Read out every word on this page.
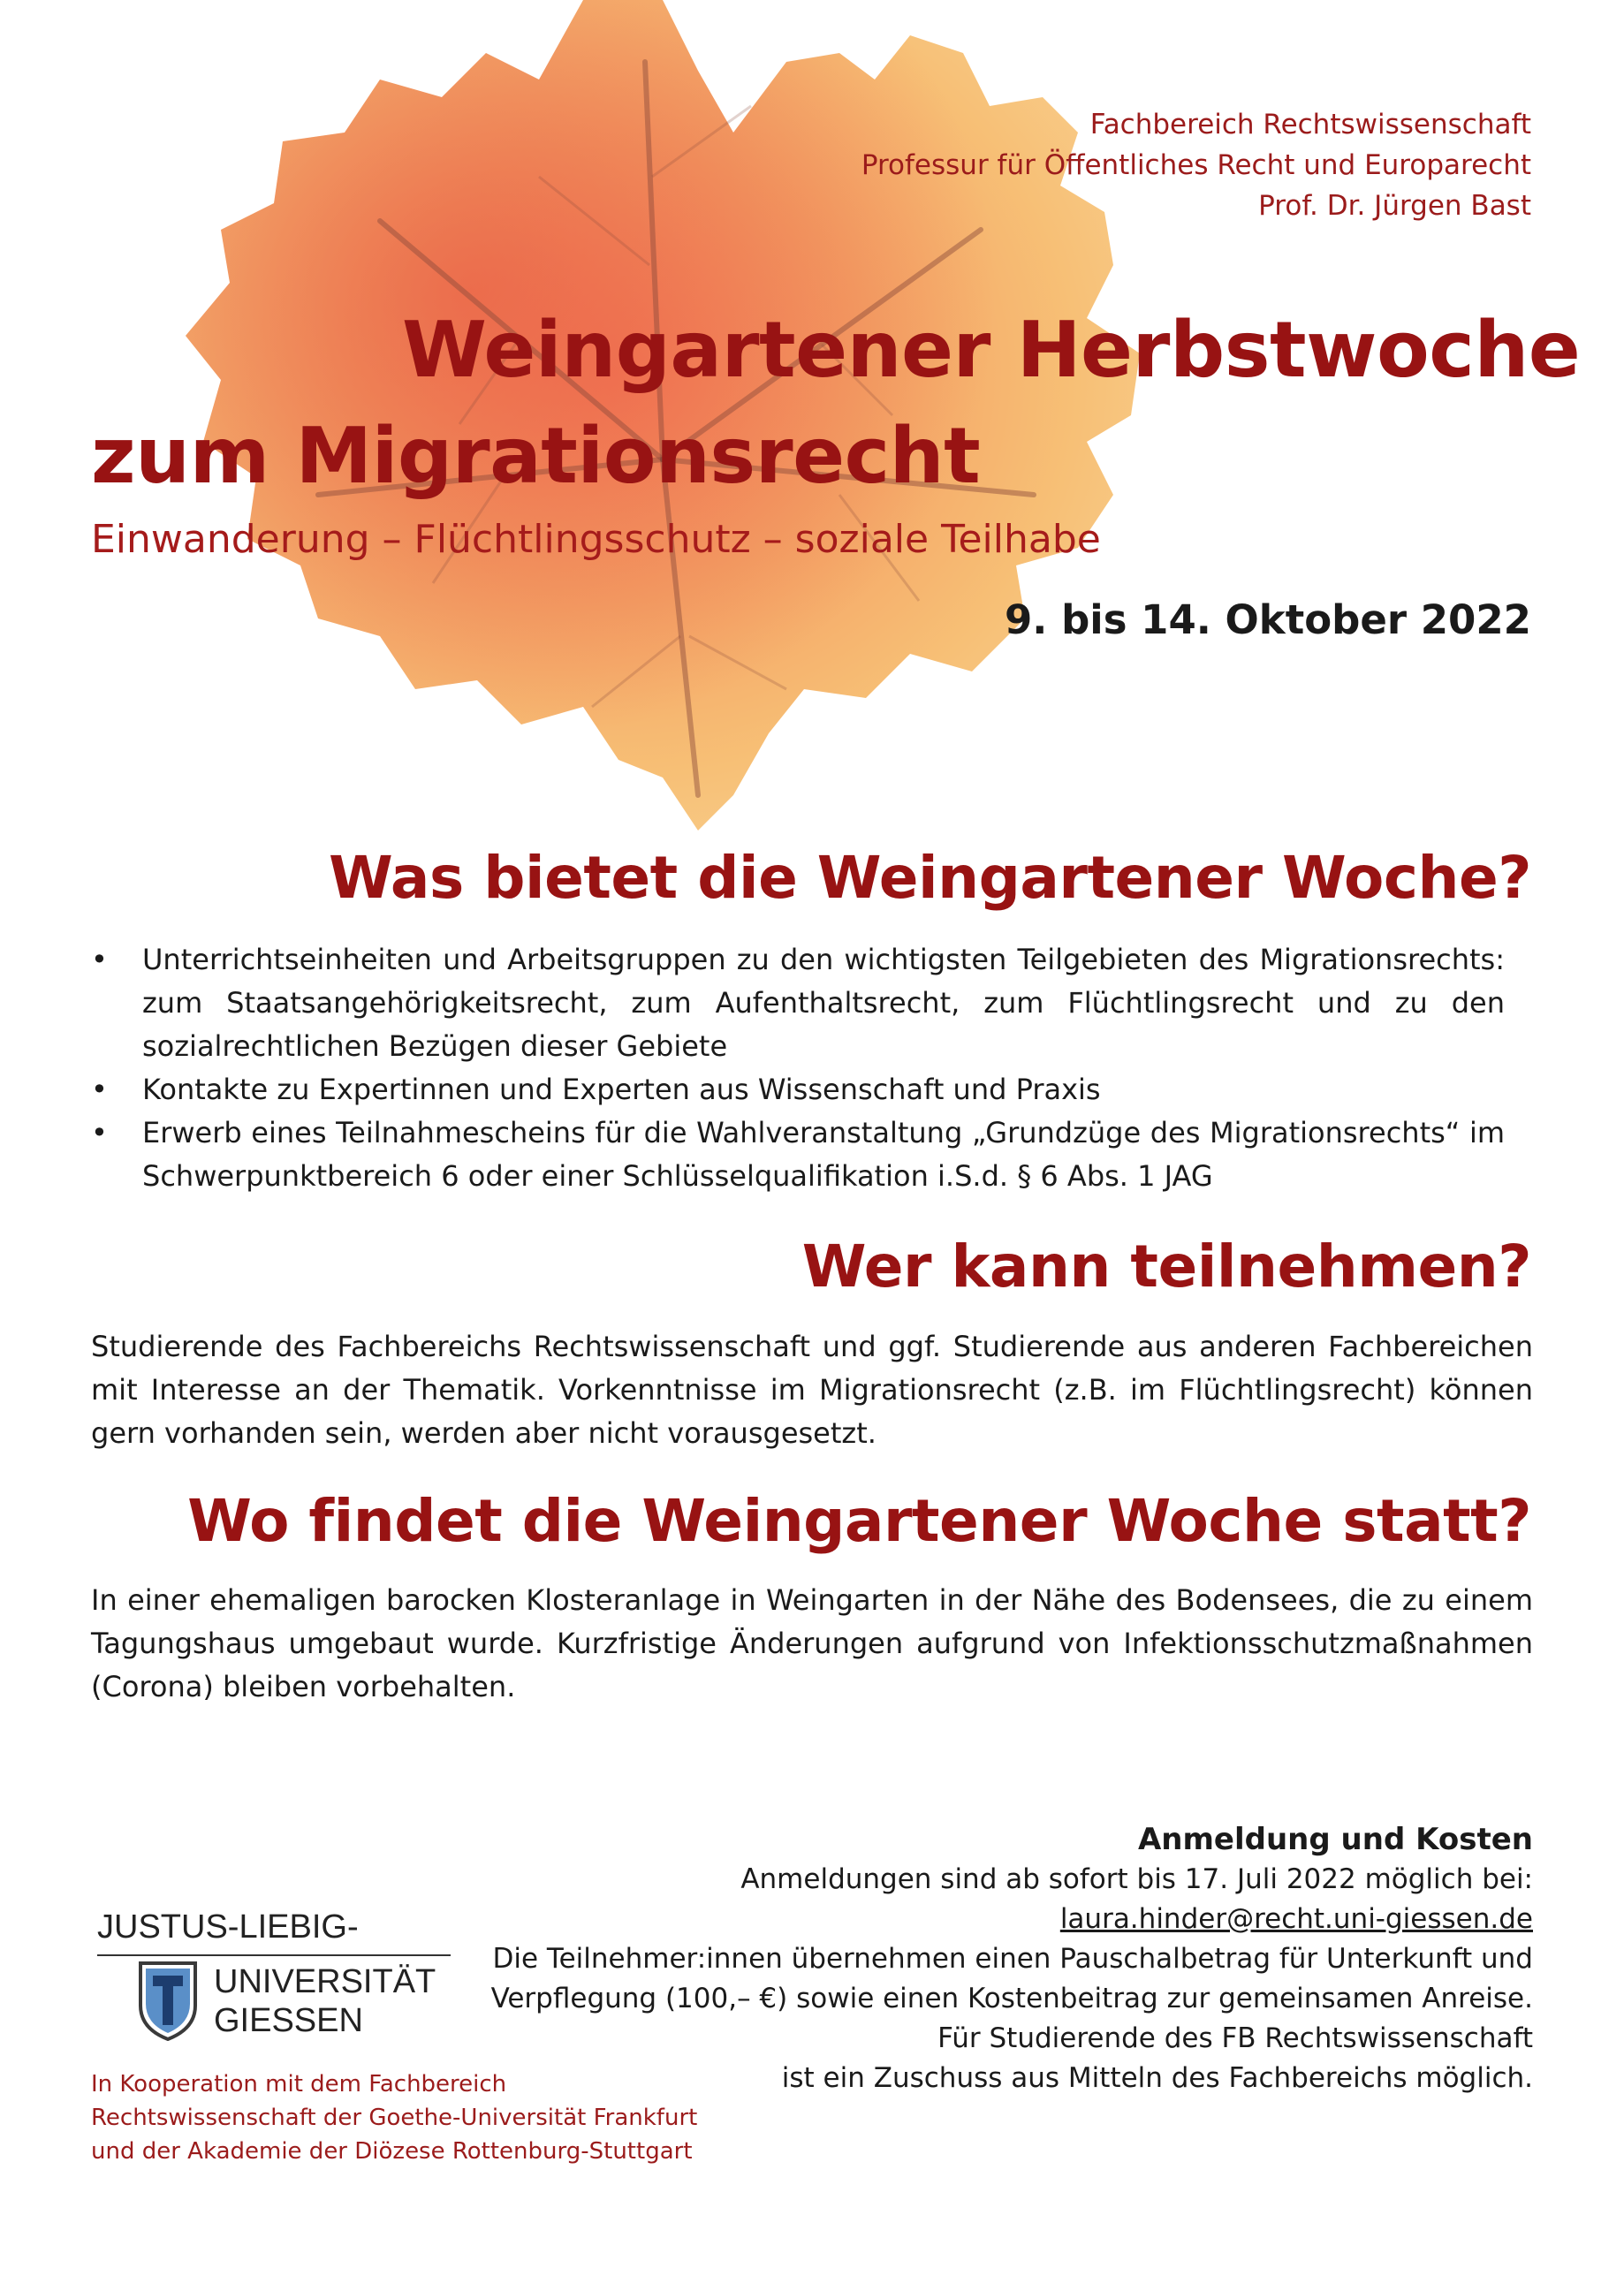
Fachbereich Rechtswissenschaft
Professur für Öffentliches Recht und Europarecht
Prof. Dr. Jürgen Bast
Weingartener Herbstwoche
zum Migrationsrecht
Einwanderung – Flüchtlingsschutz – soziale Teilhabe
9. bis 14. Oktober 2022
Was bietet die Weingartener Woche?
• Unterrichtseinheiten und Arbeitsgruppen zu den wichtigsten Teilgebieten des Migrationsrechts: zum Staatsangehörigkeitsrecht, zum Aufenthaltsrecht, zum Flüchtlingsrecht und zu den sozialrechtlichen Bezügen dieser Gebiete
• Kontakte zu Expertinnen und Experten aus Wissenschaft und Praxis
• Erwerb eines Teilnahmescheins für die Wahlveranstaltung „Grundzüge des Migrationsrechts“ im Schwerpunktbereich 6 oder einer Schlüsselqualifikation i.S.d. § 6 Abs. 1 JAG
Wer kann teilnehmen?
Studierende des Fachbereichs Rechtswissenschaft und ggf. Studierende aus anderen Fachbereichen mit Interesse an der Thematik. Vorkenntnisse im Migrationsrecht (z.B. im Flüchtlingsrecht) können gern vorhanden sein, werden aber nicht vorausgesetzt.
Wo findet die Weingartener Woche statt?
In einer ehemaligen barocken Klosteranlage in Weingarten in der Nähe des Bodensees, die zu einem Tagungshaus umgebaut wurde. Kurzfristige Änderungen aufgrund von Infektionsschutzmaßnahmen (Corona) bleiben vorbehalten.
Anmeldung und Kosten
Anmeldungen sind ab sofort bis 17. Juli 2022 möglich bei:
laura.hinder@recht.uni-giessen.de
Die Teilnehmer:innen übernehmen einen Pauschalbetrag für Unterkunft und
Verpflegung (100,– €) sowie einen Kostenbeitrag zur gemeinsamen Anreise.
Für Studierende des FB Rechtswissenschaft
ist ein Zuschuss aus Mitteln des Fachbereichs möglich.
JUSTUS-LIEBIG-
UNIVERSITÄT
GIESSEN
In Kooperation mit dem Fachbereich
Rechtswissenschaft der Goethe-Universität Frankfurt
und der Akademie der Diözese Rottenburg-Stuttgart
